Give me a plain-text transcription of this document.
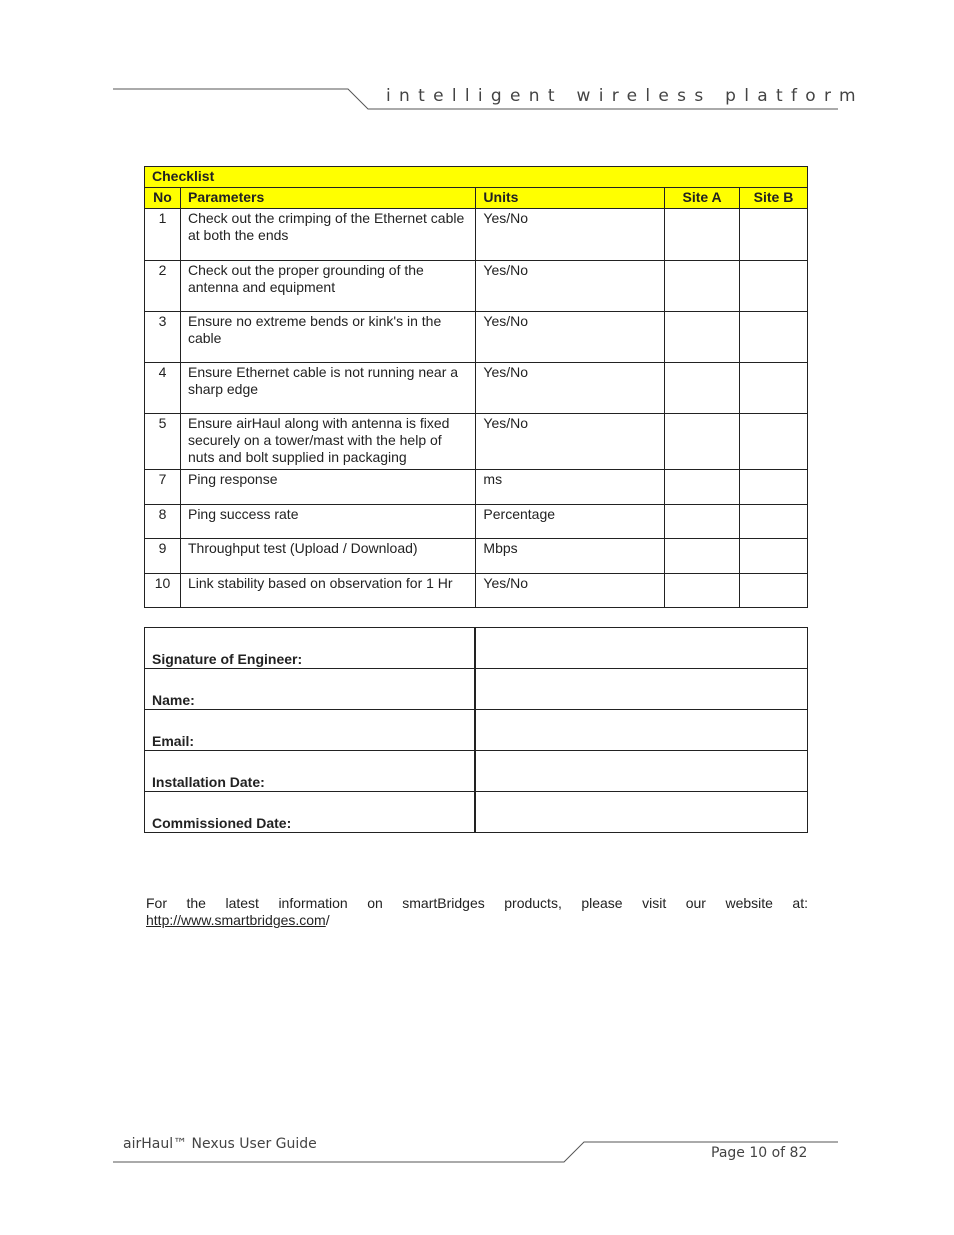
intelligent wireless platform
Checklist				
No	Parameters	Units	Site A	Site B
1	Check out the crimping of the Ethernet cable at both the ends	Yes/No		
2	Check out the proper grounding of the antenna and equipment	Yes/No		
3	Ensure no extreme bends or kink's in the cable	Yes/No		
4	Ensure Ethernet cable is not running near a sharp edge	Yes/No		
5	Ensure airHaul along with antenna is fixed securely on a tower/mast with the help of nuts and bolt supplied in packaging	Yes/No		
7	Ping response	ms		
8	Ping success rate	Percentage		
9	Throughput test (Upload / Download)	Mbps		
10	Link stability based on observation for 1 Hr	Yes/No		
Signature of Engineer:	
Name:	
Email:	
Installation Date:	
Commissioned Date:	
For the latest information on smartBridges products, please visit our website at:
http://www.smartbridges.com/
airHaul™ Nexus User Guide
Page 10 of 82
